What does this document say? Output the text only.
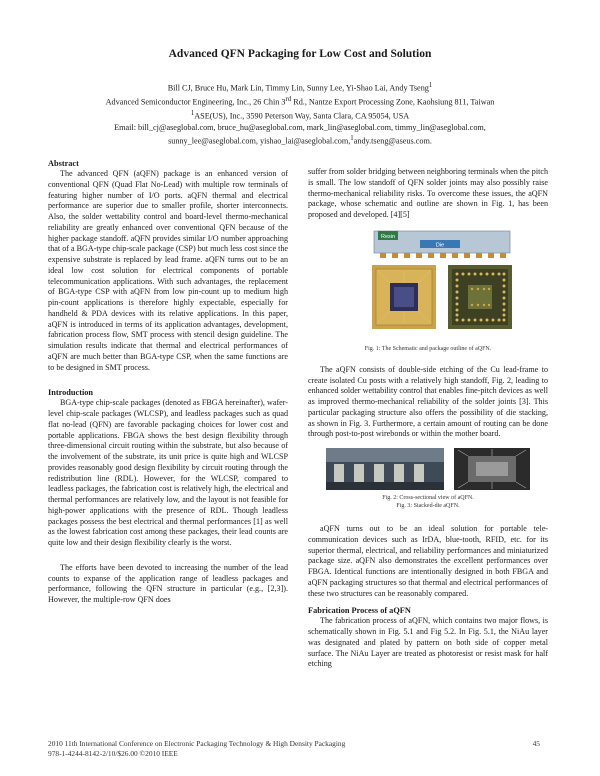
Advanced QFN Packaging for Low Cost and Solution
Bill CJ, Bruce Hu, Mark Lin, Timmy Lin, Sunny Lee, Yi-Shao Lai, Andy Tseng$^1$
Advanced Semiconductor Engineering, Inc., 26 Chin 3rd Rd., Nantze Export Processing Zone, Kaohsiung 811, Taiwan
$^1$ASE(US), Inc., 3590 Peterson Way, Santa Clara, CA 95054, USA
Email: bill_cj@aseglobal.com, bruce_hu@aseglobal.com, mark_lin@aseglobal.com, timmy_lin@aseglobal.com,
sunny_lee@aseglobal.com, yishao_lai@aseglobal.com,$^1$andy.tseng@aseus.com.
Abstract

The advanced QFN (aQFN) package is an enhanced version of conventional QFN (Quad Flat No-Lead) with multiple row terminals of featuring higher number of I/O ports. aQFN thermal and electrical performance are superior due to smaller profile, shorter interconnects. Also, the solder wettability control and board-level thermo-mechanical reliability are greatly enhanced over conventional QFN because of the higher package standoff. aQFN provides similar I/O number approaching that of a BGA-type chip-scale package (CSP) but much less cost since the expensive substrate is replaced by lead frame. aQFN turns out to be an ideal low cost solution for electrical components of portable telecommunication applications. With such advantages, the replacement of BGA-type CSP with aQFN from low pin-count up to medium high pin-count applications is therefore highly expectable, especially for handheld & PDA devices with its relative applications. In this paper, aQFN is introduced in terms of its application advantages, development, fabrication process flow, SMT process with stencil design guideline. The simulation results indicate that thermal and electrical performances of aQFN are much better than BGA-type CSP, when the same functions are to be designed in SMT process.

Introduction

BGA-type chip-scale packages (denoted as FBGA hereinafter), wafer-level chip-scale packages (WLCSP), and leadless packages such as quad flat no-lead (QFN) are favorable packaging choices for lower cost and portable applications. FBGA shows the best design flexibility through three-dimensional circuit routing within the substrate, but also because of the involvement of the substrate, its unit price is quite high and WLCSP provides reasonably good design flexibility by circuit routing through the redistribution line (RDL). However, for the WLCSP, compared to leadless packages, the fabrication cost is relatively high, the electrical and thermal performances are relatively low, and the layout is not feasible for high-power applications with the presence of RDL. Though leadless packages possess the best electrical and thermal performances [1] as well as the lowest fabrication cost among these packages, their lead counts are quite low and their design flexibility clearly is the worst.

The efforts have been devoted to increasing the number of the lead counts to expanse of the application range of leadless packages and performance, following the QFN structure in particular (e.g., [2,3]). However, the multiple-row QFN does

suffer from solder bridging between neighboring terminals when the pitch is small. The low standoff of QFN solder joints may also possibly raise thermo-mechanical reliability risks. To overcome these issues, the aQFN package, whose schematic and outline are shown in Fig. 1, has been proposed and developed. [4][5]

Resin
Die
Fig. 1: The Schematic and package outline of aQFN.

The aQFN consists of double-side etching of the Cu lead-frame to create isolated Cu posts with a relatively high standoff, Fig. 2, leading to enhanced solder wettability control that enables fine-pitch devices as well as improved thermo-mechanical reliability of the solder joints [3]. This particular packaging structure also offers the possibility of die stacking, as shown in Fig. 3. Furthermore, a certain amount of routing can be done through post-to-post wirebonds or within the mother board.

Fig. 2: Cross-sectional view of aQFN.
Fig. 3: Stacked-die aQFN.

aQFN turns out to be an ideal solution for portable tele-communication devices such as IrDA, blue-tooth, RFID, etc. for its superior thermal, electrical, and reliability performances and miniaturized package size. aQFN also demonstrates the excellent performances over FBGA. Identical functions are intentionally designed in both FBGA and aQFN packaging structures so that thermal and electrical performances of these two structures can be reasonably compared.

Fabrication Process of aQFN

The fabrication process of aQFN, which contains two major flows, is schematically shown in Fig. 5.1 and Fig 5.2. In Fig. 5.1, the NiAu layer was designated and plated by pattern on both side of copper metal surface. The NiAu Layer are treated as photoresist or resist mask for half etching

2010 11th International Conference on Electronic Packaging Technology & High Density Packaging
978-1-4244-8142-2/10/$26.00 ©2010 IEEE
45
